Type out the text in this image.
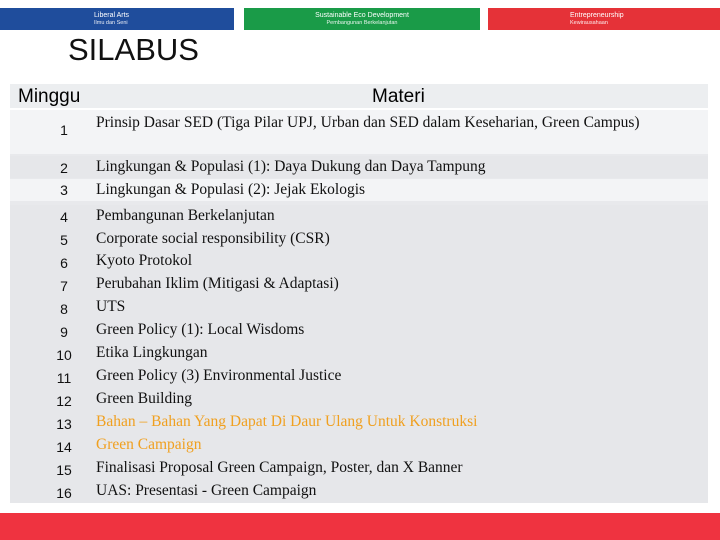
Liberal Arts
Ilmu dan Seni
Sustainable Eco Development
Pembangunan Berkelanjutan
Entrepreneurship
Kewirausahaan
SILABUS
Minggu	Materi
1	Prinsip Dasar SED (Tiga Pilar UPJ, Urban dan SED dalam Keseharian, Green Campus)
2	Lingkungan & Populasi (1): Daya Dukung dan Daya Tampung
3	Lingkungan & Populasi (2): Jejak Ekologis
4	Pembangunan Berkelanjutan
5	Corporate social responsibility (CSR)
6	Kyoto Protokol
7	Perubahan Iklim (Mitigasi & Adaptasi)
8	UTS
9	Green Policy (1): Local Wisdoms
10	Etika Lingkungan
11	Green Policy (3) Environmental Justice
12	Green Building
13	Bahan – Bahan Yang Dapat Di Daur Ulang Untuk Konstruksi
14	Green Campaign
15	Finalisasi Proposal Green Campaign, Poster, dan X Banner
16	UAS: Presentasi - Green Campaign
